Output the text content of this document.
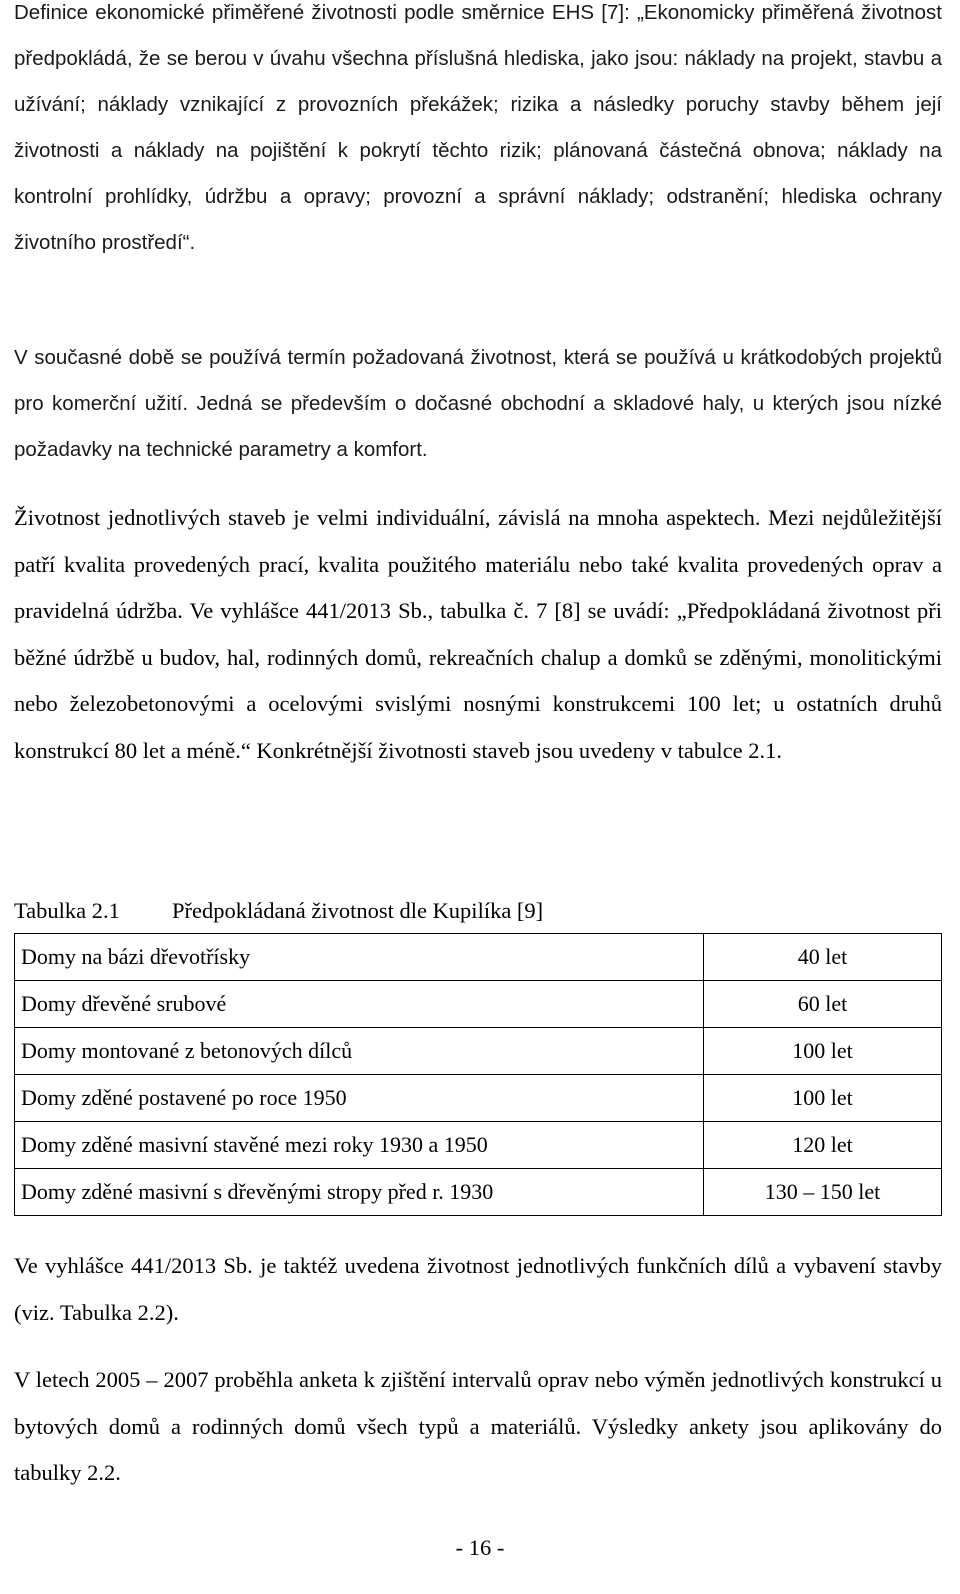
Definice ekonomické přiměřené životnosti podle směrnice EHS [7]: „Ekonomicky přiměřená životnost předpokládá, že se berou v úvahu všechna příslušná hlediska, jako jsou: náklady na projekt, stavbu a užívání; náklady vznikající z provozních překážek; rizika a následky poruchy stavby během její životnosti a náklady na pojištění k pokrytí těchto rizik; plánovaná částečná obnova; náklady na kontrolní prohlídky, údržbu a opravy; provozní a správní náklady; odstranění; hlediska ochrany životního prostředí“.

V současné době se používá termín požadovaná životnost, která se používá u krátkodobých projektů pro komerční užití. Jedná se především o dočasné obchodní a skladové haly, u kterých jsou nízké požadavky na technické parametry a komfort.

Životnost jednotlivých staveb je velmi individuální, závislá na mnoha aspektech. Mezi nejdůležitější patří kvalita provedených prací, kvalita použitého materiálu nebo také kvalita provedených oprav a pravidelná údržba. Ve vyhlášce 441/2013 Sb., tabulka č. 7 [8] se uvádí: „Předpokládaná životnost při běžné údržbě u budov, hal, rodinných domů, rekreačních chalup a domků se zděnými, monolitickými nebo železobetonovými a ocelovými svislými nosnými konstrukcemi 100 let; u ostatních druhů konstrukcí 80 let a méně.“ Konkrétnější životnosti staveb jsou uvedeny v tabulce 2.1.

Tabulka 2.1 Předpokládaná životnost dle Kupilíka [9]
Domy na bázi dřevotřísky	40 let
Domy dřevěné srubové	60 let
Domy montované z betonových dílců	100 let
Domy zděné postavené po roce 1950	100 let
Domy zděné masivní stavěné mezi roky 1930 a 1950	120 let
Domy zděné masivní s dřevěnými stropy před r. 1930	130 – 150 let

Ve vyhlášce 441/2013 Sb. je taktéž uvedena životnost jednotlivých funkčních dílů a vybavení stavby (viz. Tabulka 2.2).

V letech 2005 – 2007 proběhla anketa k zjištění intervalů oprav nebo výměn jednotlivých konstrukcí u bytových domů a rodinných domů všech typů a materiálů. Výsledky ankety jsou aplikovány do tabulky 2.2.

- 16 -
